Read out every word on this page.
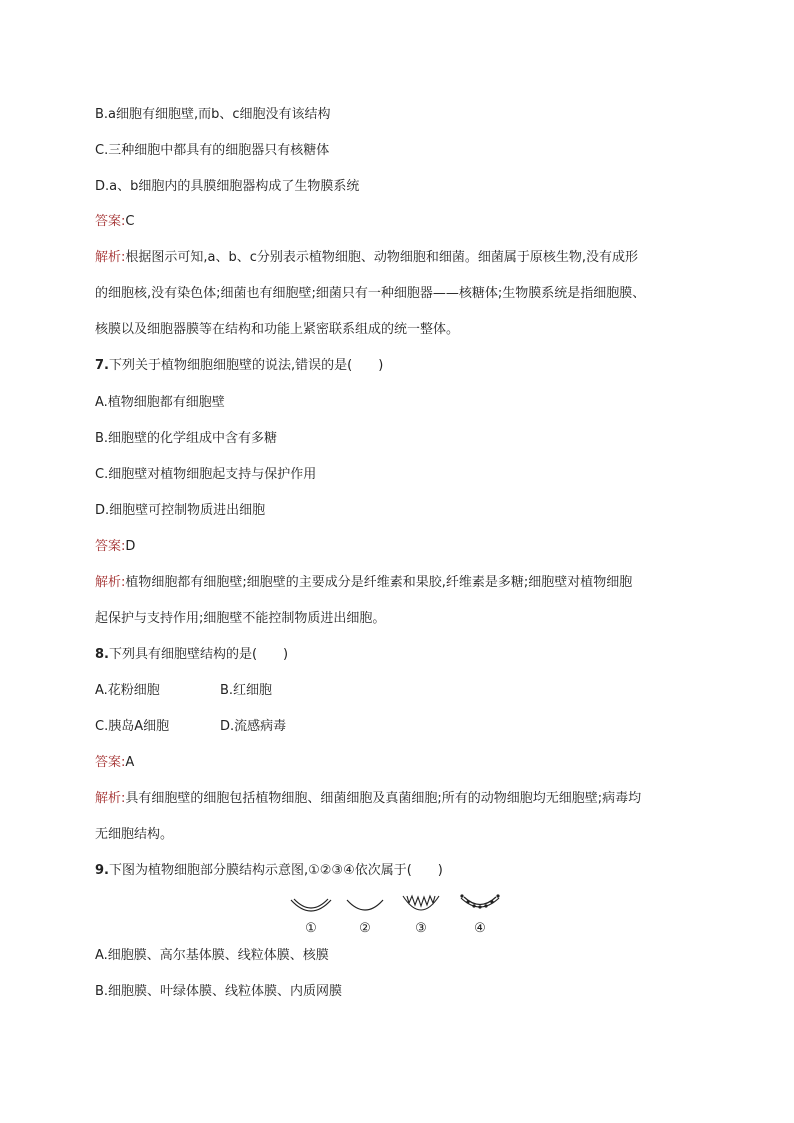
B.a细胞有细胞壁,而b、c细胞没有该结构
C.三种细胞中都具有的细胞器只有核糖体
D.a、b细胞内的具膜细胞器构成了生物膜系统
答案:C
解析:根据图示可知,a、b、c分别表示植物细胞、动物细胞和细菌。细菌属于原核生物,没有成形
的细胞核,没有染色体;细菌也有细胞壁;细菌只有一种细胞器——核糖体;生物膜系统是指细胞膜、
核膜以及细胞器膜等在结构和功能上紧密联系组成的统一整体。
7.下列关于植物细胞细胞壁的说法,错误的是(　　)
A.植物细胞都有细胞壁
B.细胞壁的化学组成中含有多糖
C.细胞壁对植物细胞起支持与保护作用
D.细胞壁可控制物质进出细胞
答案:D
解析:植物细胞都有细胞壁;细胞壁的主要成分是纤维素和果胶,纤维素是多糖;细胞壁对植物细胞
起保护与支持作用;细胞壁不能控制物质进出细胞。
8.下列具有细胞壁结构的是(　　)
A.花粉细胞	B.红细胞
C.胰岛A细胞	D.流感病毒
答案:A
解析:具有细胞壁的细胞包括植物细胞、细菌细胞及真菌细胞;所有的动物细胞均无细胞壁;病毒均
无细胞结构。
9.下图为植物细胞部分膜结构示意图,①②③④依次属于(　　)
①	②	③	④
A.细胞膜、高尔基体膜、线粒体膜、核膜
B.细胞膜、叶绿体膜、线粒体膜、内质网膜
